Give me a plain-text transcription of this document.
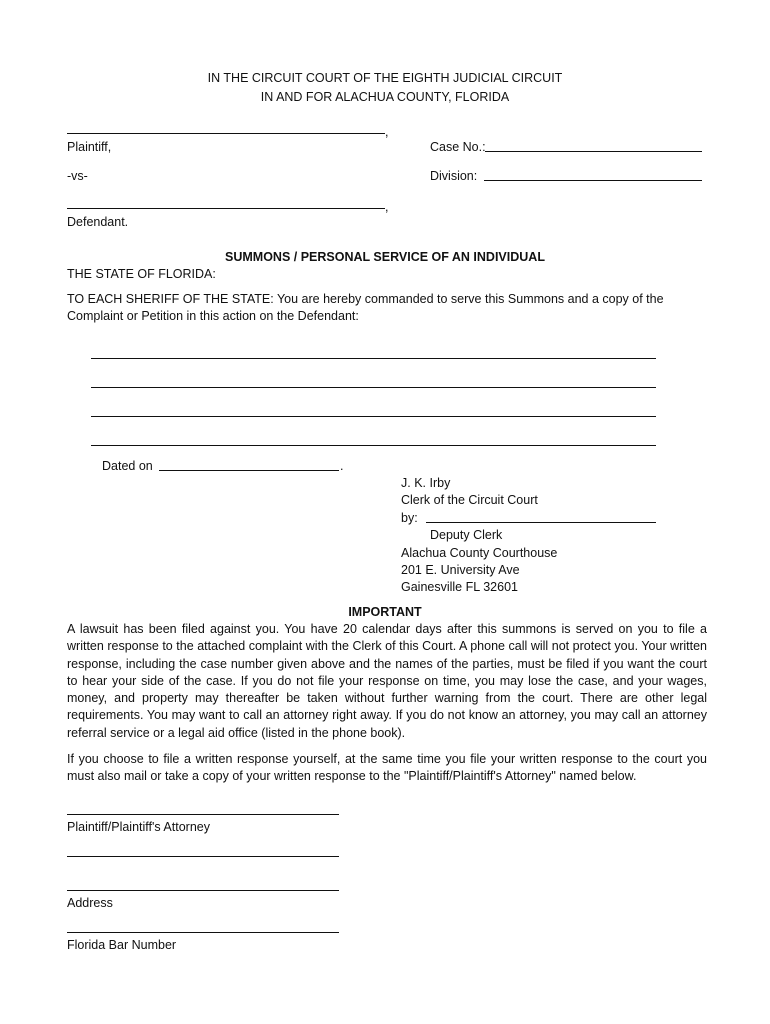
IN THE CIRCUIT COURT OF THE EIGHTH JUDICIAL CIRCUIT
IN AND FOR ALACHUA COUNTY, FLORIDA
,
Plaintiff,	Case No.:
-vs-	Division:
,
Defendant.
SUMMONS / PERSONAL SERVICE OF AN INDIVIDUAL
THE STATE OF FLORIDA:
TO EACH SHERIFF OF THE STATE: You are hereby commanded to serve this Summons and a copy of the
Complaint or Petition in this action on the Defendant:
Dated on	.
J. K. Irby
Clerk of the Circuit Court
by:
Deputy Clerk
Alachua County Courthouse
201 E. University Ave
Gainesville FL 32601
IMPORTANT
A lawsuit has been filed against you. You have 20 calendar days after this summons is served on you to file a written response to the attached complaint with the Clerk of this Court. A phone call will not protect you. Your written response, including the case number given above and the names of the parties, must be filed if you want the court to hear your side of the case. If you do not file your response on time, you may lose the case, and your wages, money, and property may thereafter be taken without further warning from the court. There are other legal requirements. You may want to call an attorney right away. If you do not know an attorney, you may call an attorney referral service or a legal aid office (listed in the phone book).
If you choose to file a written response yourself, at the same time you file your written response to the court you must also mail or take a copy of your written response to the "Plaintiff/Plaintiff's Attorney" named below.
Plaintiff/Plaintiff's Attorney
Address
Florida Bar Number
